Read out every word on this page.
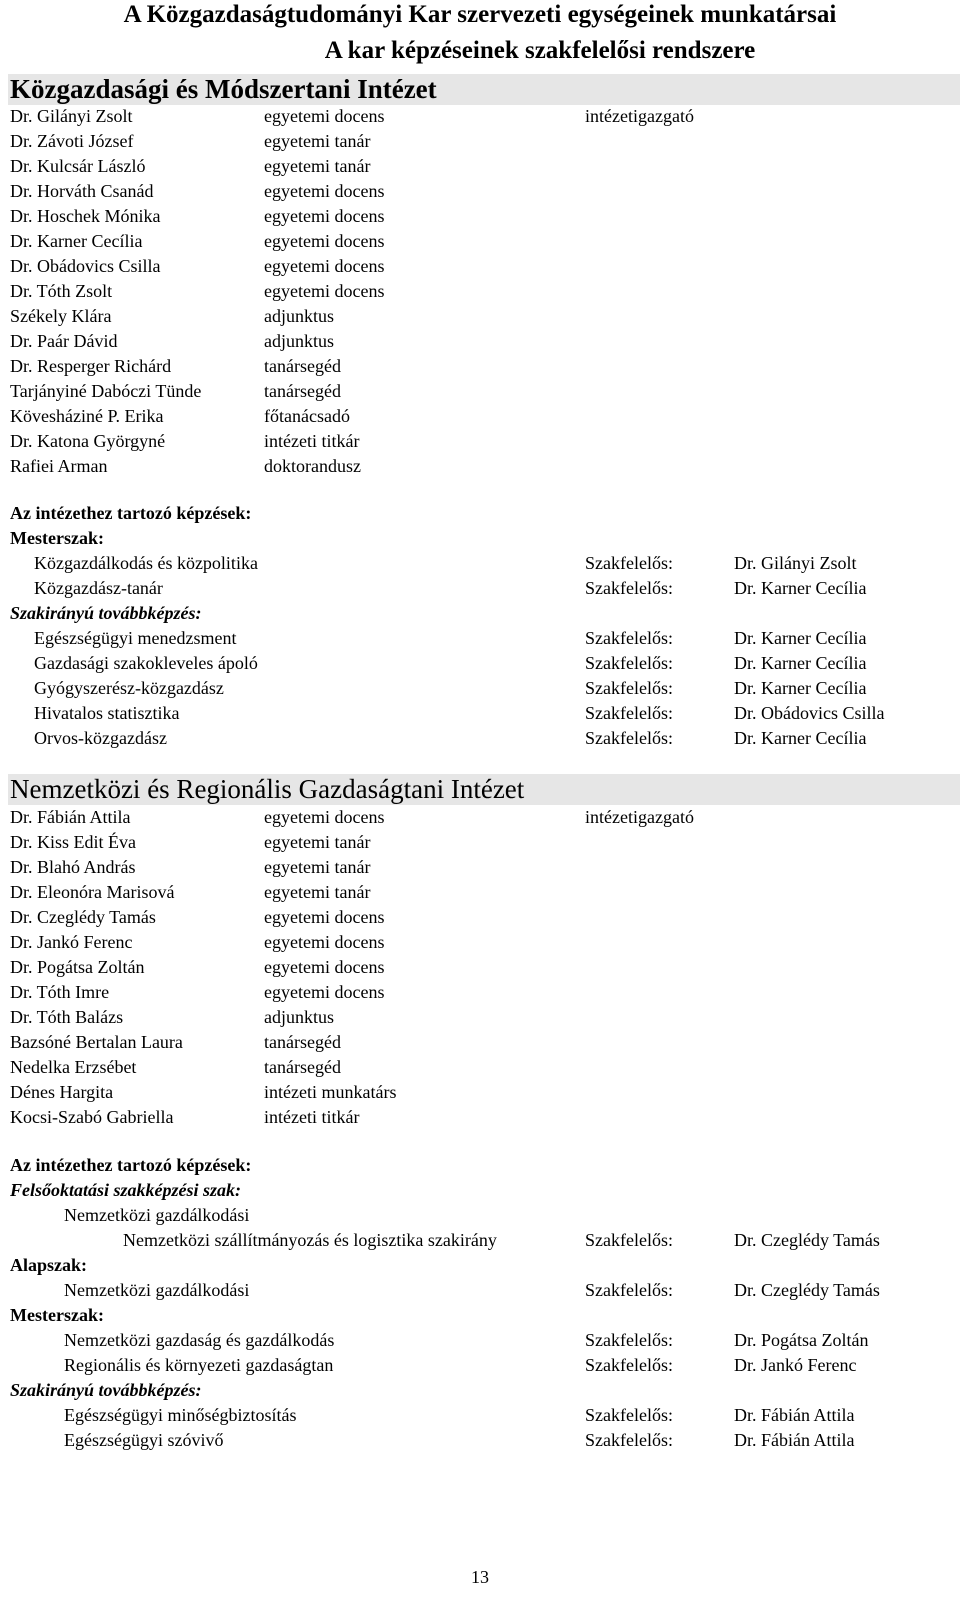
A Közgazdaságtudományi Kar szervezeti egységeinek munkatársai
A kar képzéseinek szakfelelősi rendszere
Közgazdasági és Módszertani Intézet
Dr. Gilányi Zsolt	egyetemi docens	intézetigazgató
Dr. Závoti József	egyetemi tanár
Dr. Kulcsár László	egyetemi tanár
Dr. Horváth Csanád	egyetemi docens
Dr. Hoschek Mónika	egyetemi docens
Dr. Karner Cecília	egyetemi docens
Dr. Obádovics Csilla	egyetemi docens
Dr. Tóth Zsolt	egyetemi docens
Székely Klára	adjunktus
Dr. Paár Dávid	adjunktus
Dr. Resperger Richárd	tanársegéd
Tarjányiné Dabóczi Tünde	tanársegéd
Kövesháziné P. Erika	főtanácsadó
Dr. Katona Györgyné	intézeti titkár
Rafiei Arman	doktorandusz
Az intézethez tartozó képzések:
Mesterszak:
Közgazdálkodás és közpolitika	Szakfelelős:	Dr. Gilányi Zsolt
Közgazdász-tanár	Szakfelelős:	Dr. Karner Cecília
Szakirányú továbbképzés:
Egészségügyi menedzsment	Szakfelelős:	Dr. Karner Cecília
Gazdasági szakokleveles ápoló	Szakfelelős:	Dr. Karner Cecília
Gyógyszerész-közgazdász	Szakfelelős:	Dr. Karner Cecília
Hivatalos statisztika	Szakfelelős:	Dr. Obádovics Csilla
Orvos-közgazdász	Szakfelelős:	Dr. Karner Cecília
Nemzetközi és Regionális Gazdaságtani Intézet
Dr. Fábián Attila	egyetemi docens	intézetigazgató
Dr. Kiss Edit Éva	egyetemi tanár
Dr. Blahó András	egyetemi tanár
Dr. Eleonóra Marisová	egyetemi tanár
Dr. Czeglédy Tamás	egyetemi docens
Dr. Jankó Ferenc	egyetemi docens
Dr. Pogátsa Zoltán	egyetemi docens
Dr. Tóth Imre	egyetemi docens
Dr. Tóth Balázs	adjunktus
Bazsóné Bertalan Laura	tanársegéd
Nedelka Erzsébet	tanársegéd
Dénes Hargita	intézeti munkatárs
Kocsi-Szabó Gabriella	intézeti titkár
Az intézethez tartozó képzések:
Felsőoktatási szakképzési szak:
Nemzetközi gazdálkodási
Nemzetközi szállítmányozás és logisztika szakirány	Szakfelelős:	Dr. Czeglédy Tamás
Alapszak:
Nemzetközi gazdálkodási	Szakfelelős:	Dr. Czeglédy Tamás
Mesterszak:
Nemzetközi gazdaság és gazdálkodás	Szakfelelős:	Dr. Pogátsa Zoltán
Regionális és környezeti gazdaságtan	Szakfelelős:	Dr. Jankó Ferenc
Szakirányú továbbképzés:
Egészségügyi minőségbiztosítás	Szakfelelős:	Dr. Fábián Attila
Egészségügyi szóvivő	Szakfelelős:	Dr. Fábián Attila
13
